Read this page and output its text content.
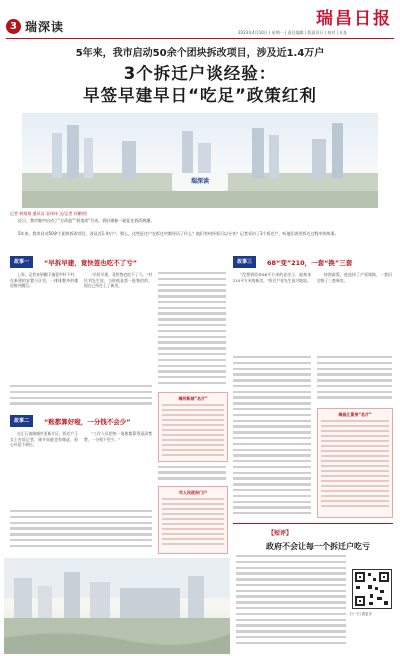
3 瑞深读	瑞昌日报
2023年4月10日 | 星期一 | 责任编辑 | 版面设计 | 校对 | 社址
5年来，我市启动50余个团块拆改项目，涉及近1.4万户
3个拆迁户谈经验：
早签早建早日“吃足”政策红利
瑞深读
记者 林翔翔 通讯员 袁伟伟 文/记者 孙鹏/图
近日，我市集中启动了“方改造”“拆违改”行动，拆旧建新一轮征迁拆改热潮。
5年来，我市启动50余个团块拆改项目，涉及近1.4万户。那么，这些征迁户在拆迁中都经历了什么？他们有何经验可以分享？记者采访了3个拆迁户，听他们讲述拆迁过程中的故事。
故事一	“早拆早建，竟快签也吃不了亏”
上周，记者来到棚下镇壹甲村下村，在新建的安置小区里，一排排整齐的楼房格外醒目。
“早拆早建，竟快签也吃不了亏。”村民刘先生说，当时他是第一批签约的，现在已经住上了新房。
故事二	“账都算好啦，一分钱不会少”
在汇石南路城市更新片区，拆迁户王女士告诉记者，刚开始她也有顾虑，担心补偿不到位。
“工作人员把每一笔账都算得清清楚楚，一分钱不会少。”
故事三	68“变”210，一套“换”三套
“没想到原来68平方米的老房子，能换来210平方米的新房。”拆迁户张先生高兴地说。
按照政策，他选择了产权调换，一套旧房换了三套新房。
瑞河新城“名片”
市人民政府门户
瑞昌江景房“名片”
【短评】
政府不会让每一个拆迁户吃亏
扫一扫 看更多
